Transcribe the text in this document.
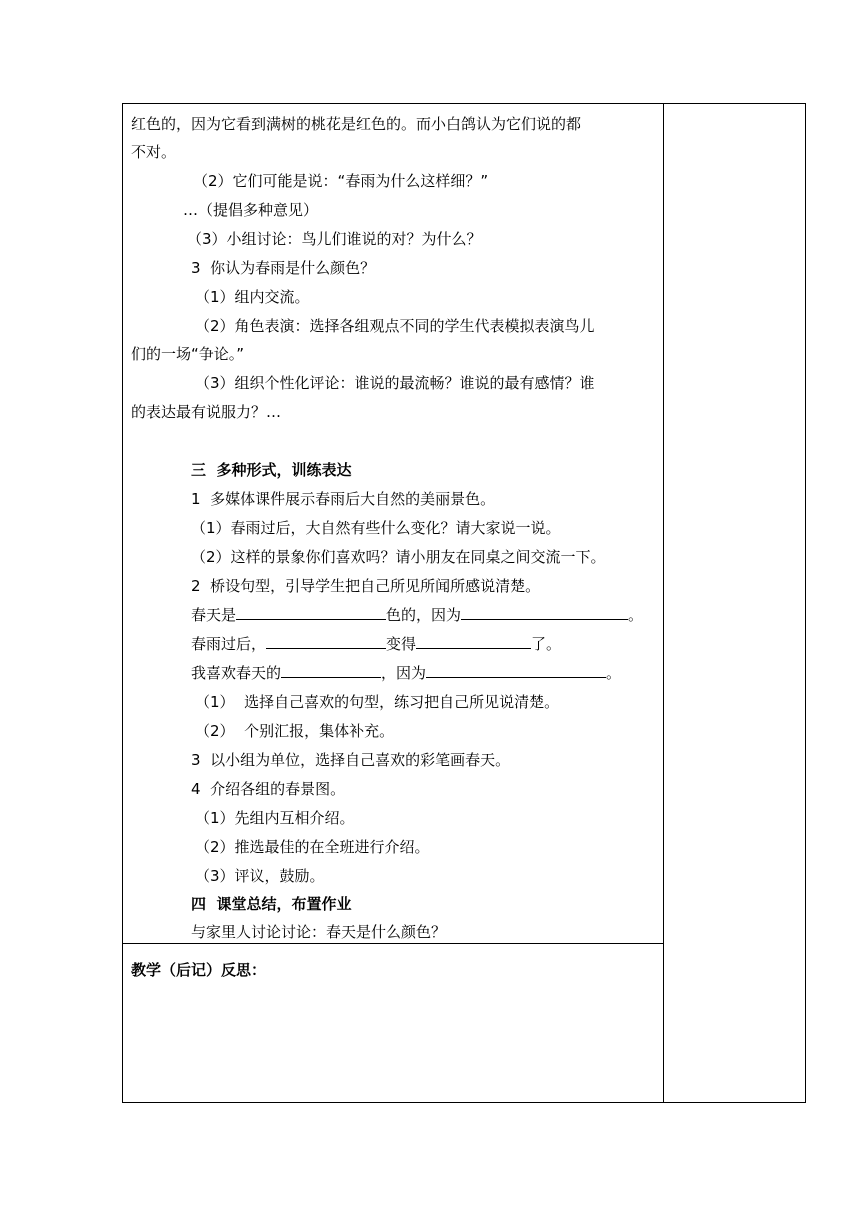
红色的，因为它看到满树的桃花是红色的。而小白鸽认为它们说的都
不对。
（2）它们可能是说：“春雨为什么这样细？”
…（提倡多种意见）
（3）小组讨论：鸟儿们谁说的对？为什么？
3  你认为春雨是什么颜色？
（1）组内交流。
（2）角色表演：选择各组观点不同的学生代表模拟表演鸟儿
们的一场“争论。”
（3）组织个性化评论：谁说的最流畅？谁说的最有感情？谁
的表达最有说服力？…
三  多种形式，训练表达
1  多媒体课件展示春雨后大自然的美丽景色。
（1）春雨过后，大自然有些什么变化？请大家说一说。
（2）这样的景象你们喜欢吗？请小朋友在同桌之间交流一下。
2  桥设句型，引导学生把自己所见所闻所感说清楚。
春天是	色的，因为	。
春雨过后，	变得	了。
我喜欢春天的	，因为	。
（1）  选择自己喜欢的句型，练习把自己所见说清楚。
（2）  个别汇报，集体补充。
3  以小组为单位，选择自己喜欢的彩笔画春天。
4  介绍各组的春景图。
（1）先组内互相介绍。
（2）推选最佳的在全班进行介绍。
（3）评议，鼓励。
四  课堂总结，布置作业
与家里人讨论讨论：春天是什么颜色？
教学（后记）反思：
